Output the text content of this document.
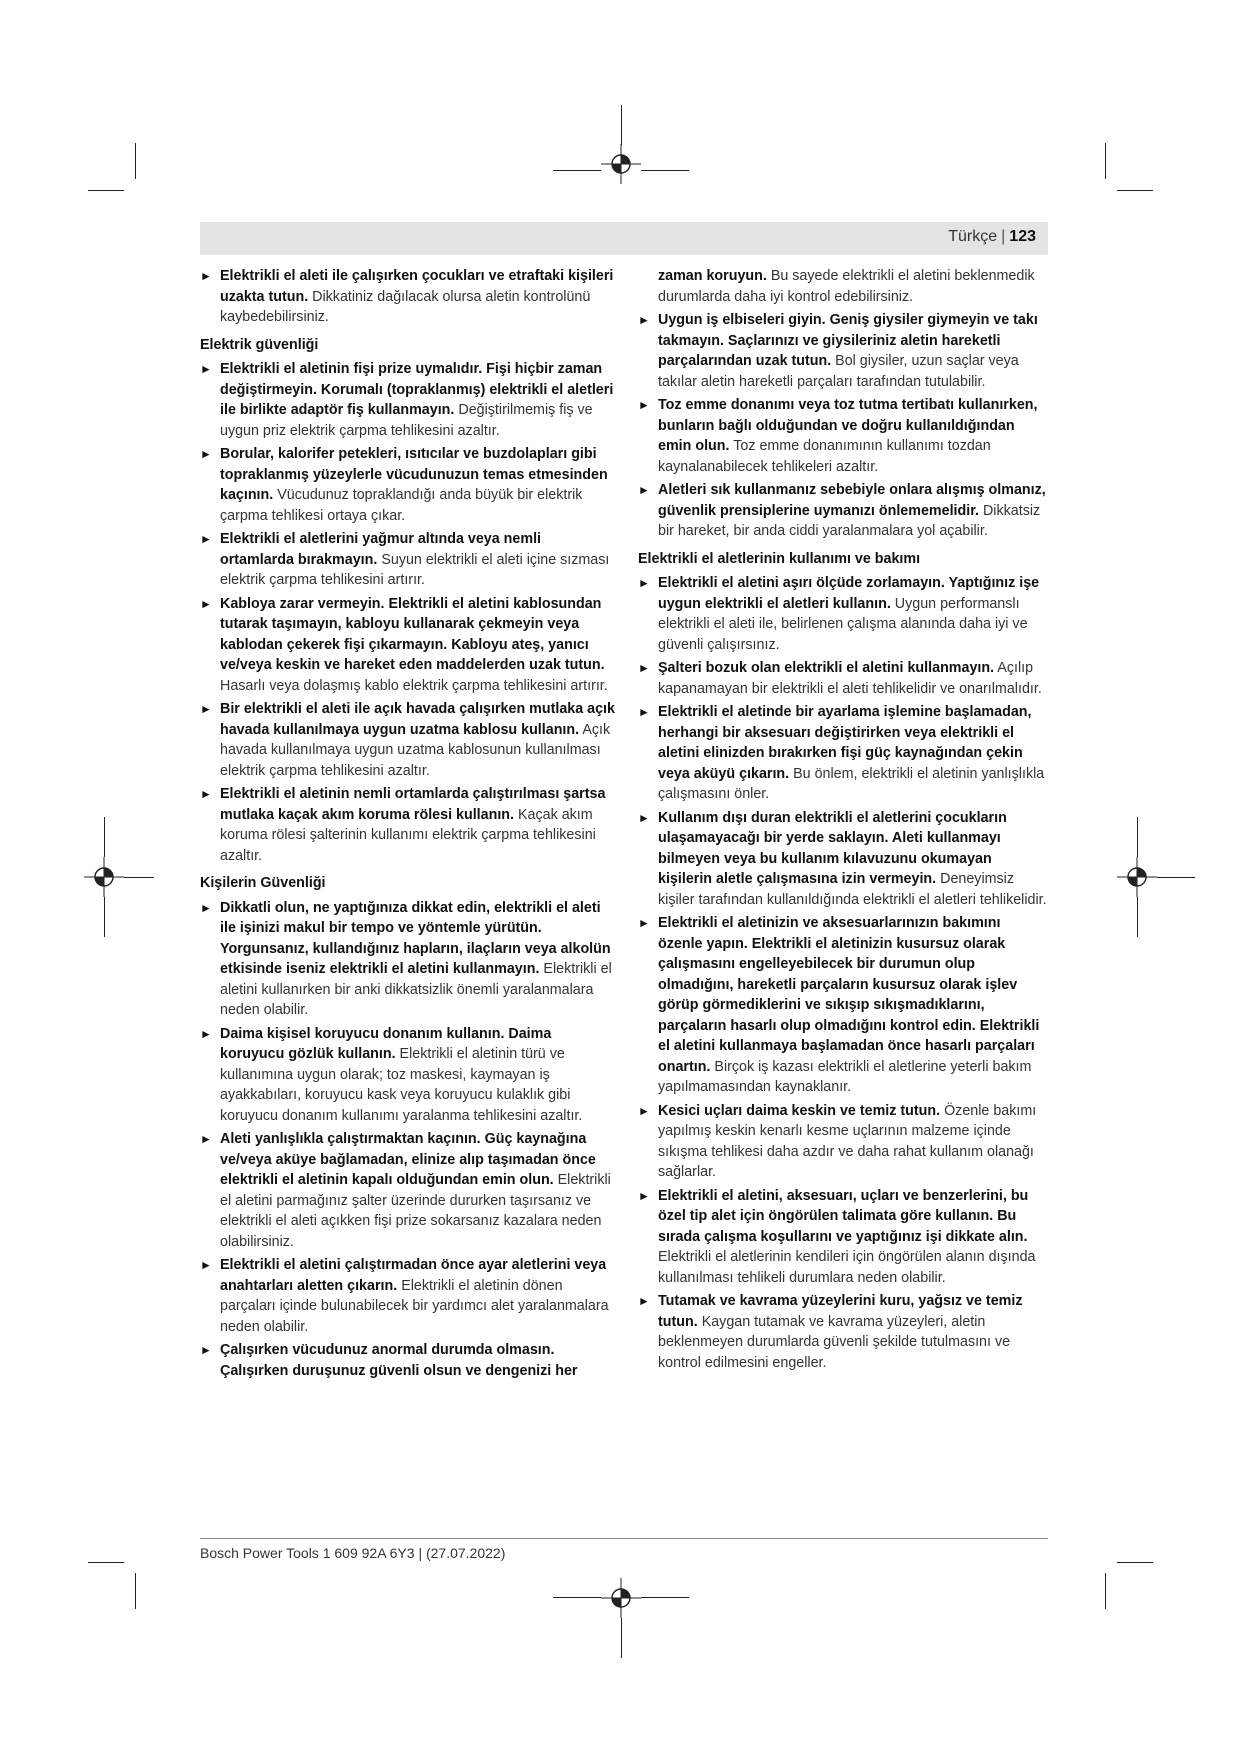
Türkçe | 123
► Elektrikli el aleti ile çalışırken çocukları ve etraftaki kişileri uzakta tutun. Dikkatiniz dağılacak olursa aletin kontrolünü kaybedebilirsiniz.
Elektrik güvenliği
► Elektrikli el aletinin fişi prize uymalıdır. Fişi hiçbir zaman değiştirmeyin. Korumalı (topraklanmış) elektrikli el aletleri ile birlikte adaptör fiş kullanmayın. Değiştirilmemiş fiş ve uygun priz elektrik çarpma tehlikesini azaltır.
► Borular, kalorifer petekleri, ısıtıcılar ve buzdolapları gibi topraklanmış yüzeylerle vücudunuzun temas etmesinden kaçının. Vücudunuz topraklandığı anda büyük bir elektrik çarpma tehlikesi ortaya çıkar.
► Elektrikli el aletlerini yağmur altında veya nemli ortamlarda bırakmayın. Suyun elektrikli el aleti içine sızması elektrik çarpma tehlikesini artırır.
► Kabloya zarar vermeyin. Elektrikli el aletini kablosundan tutarak taşımayın, kabloyu kullanarak çekmeyin veya kablodan çekerek fişi çıkarmayın. Kabloyu ateş, yanıcı ve/veya keskin ve hareket eden maddelerden uzak tutun. Hasarlı veya dolaşmış kablo elektrik çarpma tehlikesini artırır.
► Bir elektrikli el aleti ile açık havada çalışırken mutlaka açık havada kullanılmaya uygun uzatma kablosu kullanın. Açık havada kullanılmaya uygun uzatma kablosunun kullanılması elektrik çarpma tehlikesini azaltır.
► Elektrikli el aletinin nemli ortamlarda çalıştırılması şartsa mutlaka kaçak akım koruma rölesi kullanın. Kaçak akım koruma rölesi şalterinin kullanımı elektrik çarpma tehlikesini azaltır.
Kişilerin Güvenliği
► Dikkatli olun, ne yaptığınıza dikkat edin, elektrikli el aleti ile işinizi makul bir tempo ve yöntemle yürütün. Yorgunsanız, kullandığınız hapların, ilaçların veya alkolün etkisinde iseniz elektrikli el aletini kullanmayın. Elektrikli el aletini kullanırken bir anki dikkatsizlik önemli yaralanmalara neden olabilir.
► Daima kişisel koruyucu donanım kullanın. Daima koruyucu gözlük kullanın. Elektrikli el aletinin türü ve kullanımına uygun olarak; toz maskesi, kaymayan iş ayakkabıları, koruyucu kask veya koruyucu kulaklık gibi koruyucu donanım kullanımı yaralanma tehlikesini azaltır.
► Aleti yanlışlıkla çalıştırmaktan kaçının. Güç kaynağına ve/veya aküye bağlamadan, elinize alıp taşımadan önce elektrikli el aletinin kapalı olduğundan emin olun. Elektrikli el aletini parmağınız şalter üzerinde dururken taşırsanız ve elektrikli el aleti açıkken fişi prize sokarsanız kazalara neden olabilirsiniz.
► Elektrikli el aletini çalıştırmadan önce ayar aletlerini veya anahtarları aletten çıkarın. Elektrikli el aletinin dönen parçaları içinde bulunabilecek bir yardımcı alet yaralanmalara neden olabilir.
► Çalışırken vücudunuz anormal durumda olmasın. Çalışırken duruşunuz güvenli olsun ve dengenizi her
zaman koruyun. Bu sayede elektrikli el aletini beklenmedik durumlarda daha iyi kontrol edebilirsiniz.
► Uygun iş elbiseleri giyin. Geniş giysiler giymeyin ve takı takmayın. Saçlarınızı ve giysileriniz aletin hareketli parçalarından uzak tutun. Bol giysiler, uzun saçlar veya takılar aletin hareketli parçaları tarafından tutulabilir.
► Toz emme donanımı veya toz tutma tertibatı kullanırken, bunların bağlı olduğundan ve doğru kullanıldığından emin olun. Toz emme donanımının kullanımı tozdan kaynalanabilecek tehlikeleri azaltır.
► Aletleri sık kullanmanız sebebiyle onlara alışmış olmanız, güvenlik prensiplerine uymanızı önlememelidir. Dikkatsiz bir hareket, bir anda ciddi yaralanmalara yol açabilir.
Elektrikli el aletlerinin kullanımı ve bakımı
► Elektrikli el aletini aşırı ölçüde zorlamayın. Yaptığınız işe uygun elektrikli el aletleri kullanın. Uygun performanslı elektrikli el aleti ile, belirlenen çalışma alanında daha iyi ve güvenli çalışırsınız.
► Şalteri bozuk olan elektrikli el aletini kullanmayın. Açılıp kapanamayan bir elektrikli el aleti tehlikelidir ve onarılmalıdır.
► Elektrikli el aletinde bir ayarlama işlemine başlamadan, herhangi bir aksesuarı değiştirirken veya elektrikli el aletini elinizden bırakırken fişi güç kaynağından çekin veya aküyü çıkarın. Bu önlem, elektrikli el aletinin yanlışlıkla çalışmasını önler.
► Kullanım dışı duran elektrikli el aletlerini çocukların ulaşamayacağı bir yerde saklayın. Aleti kullanmayı bilmeyen veya bu kullanım kılavuzunu okumayan kişilerin aletle çalışmasına izin vermeyin. Deneyimsiz kişiler tarafından kullanıldığında elektrikli el aletleri tehlikelidir.
► Elektrikli el aletinizin ve aksesuarlarınızın bakımını özenle yapın. Elektrikli el aletinizin kusursuz olarak çalışmasını engelleyebilecek bir durumun olup olmadığını, hareketli parçaların kusursuz olarak işlev görüp görmediklerini ve sıkışıp sıkışmadıklarını, parçaların hasarlı olup olmadığını kontrol edin. Elektrikli el aletini kullanmaya başlamadan önce hasarlı parçaları onartın. Birçok iş kazası elektrikli el aletlerine yeterli bakım yapılmamasından kaynaklanır.
► Kesici uçları daima keskin ve temiz tutun. Özenle bakımı yapılmış keskin kenarlı kesme uçlarının malzeme içinde sıkışma tehlikesi daha azdır ve daha rahat kullanım olanağı sağlarlar.
► Elektrikli el aletini, aksesuarı, uçları ve benzerlerini, bu özel tip alet için öngörülen talimata göre kullanın. Bu sırada çalışma koşullarını ve yaptığınız işi dikkate alın. Elektrikli el aletlerinin kendileri için öngörülen alanın dışında kullanılması tehlikeli durumlara neden olabilir.
► Tutamak ve kavrama yüzeylerini kuru, yağsız ve temiz tutun. Kaygan tutamak ve kavrama yüzeyleri, aletin beklenmeyen durumlarda güvenli şekilde tutulmasını ve kontrol edilmesini engeller.
Bosch Power Tools 1 609 92A 6Y3 | (27.07.2022)
